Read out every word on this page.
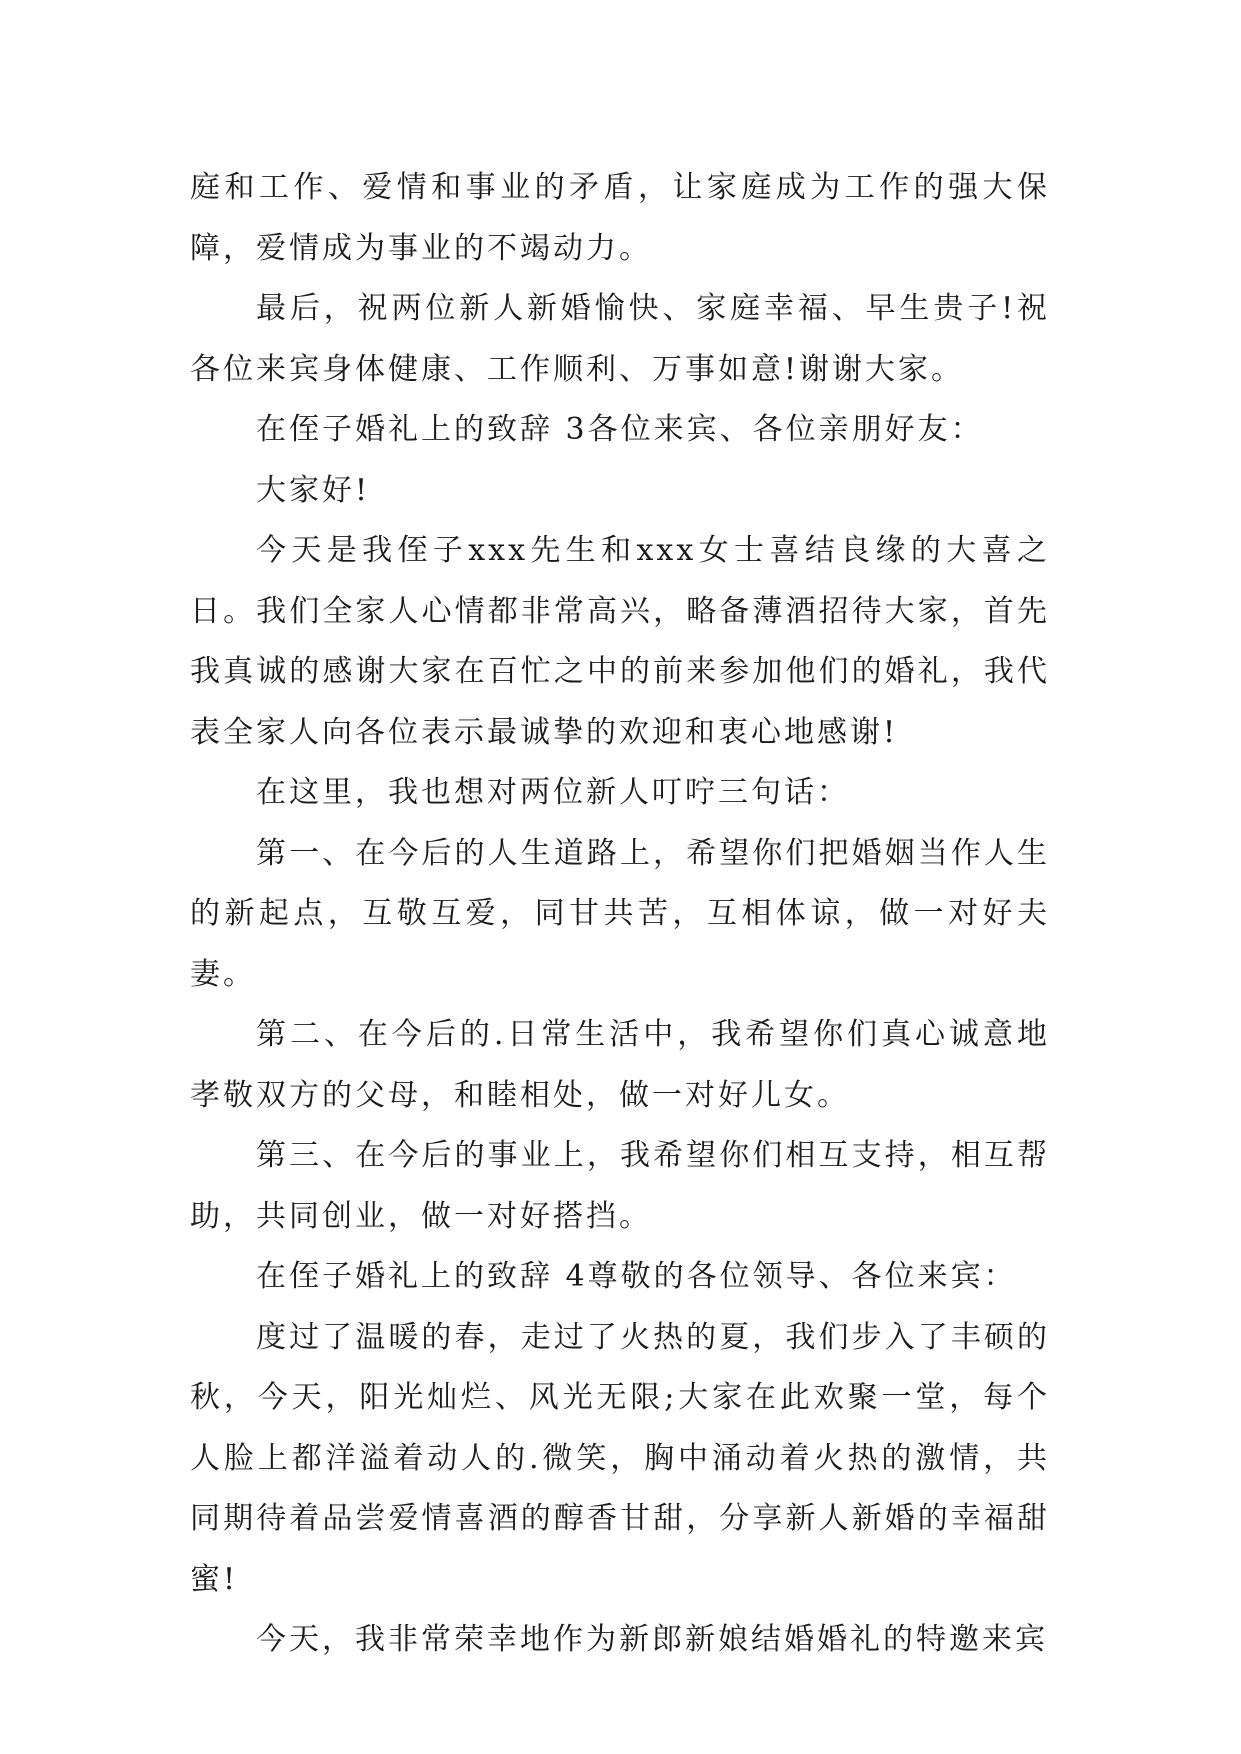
庭和工作、爱情和事业的矛盾，让家庭成为工作的强大保障，爱情成为事业的不竭动力。

最后，祝两位新人新婚愉快、家庭幸福、早生贵子!祝各位来宾身体健康、工作顺利、万事如意!谢谢大家。

在侄子婚礼上的致辞 3各位来宾、各位亲朋好友：

大家好!

今天是我侄子xxx先生和xxx女士喜结良缘的大喜之日。我们全家人心情都非常高兴，略备薄酒招待大家，首先我真诚的感谢大家在百忙之中的前来参加他们的婚礼，我代表全家人向各位表示最诚挚的欢迎和衷心地感谢!

在这里，我也想对两位新人叮咛三句话：

第一、在今后的人生道路上，希望你们把婚姻当作人生的新起点，互敬互爱，同甘共苦，互相体谅，做一对好夫妻。

第二、在今后的.日常生活中，我希望你们真心诚意地孝敬双方的父母，和睦相处，做一对好儿女。

第三、在今后的事业上，我希望你们相互支持，相互帮助，共同创业，做一对好搭挡。

在侄子婚礼上的致辞 4尊敬的各位领导、各位来宾：

度过了温暖的春，走过了火热的夏，我们步入了丰硕的秋，今天，阳光灿烂、风光无限;大家在此欢聚一堂，每个人脸上都洋溢着动人的.微笑，胸中涌动着火热的激情，共同期待着品尝爱情喜酒的醇香甘甜，分享新人新婚的幸福甜蜜!

今天，我非常荣幸地作为新郎新娘结婚婚礼的特邀来宾
